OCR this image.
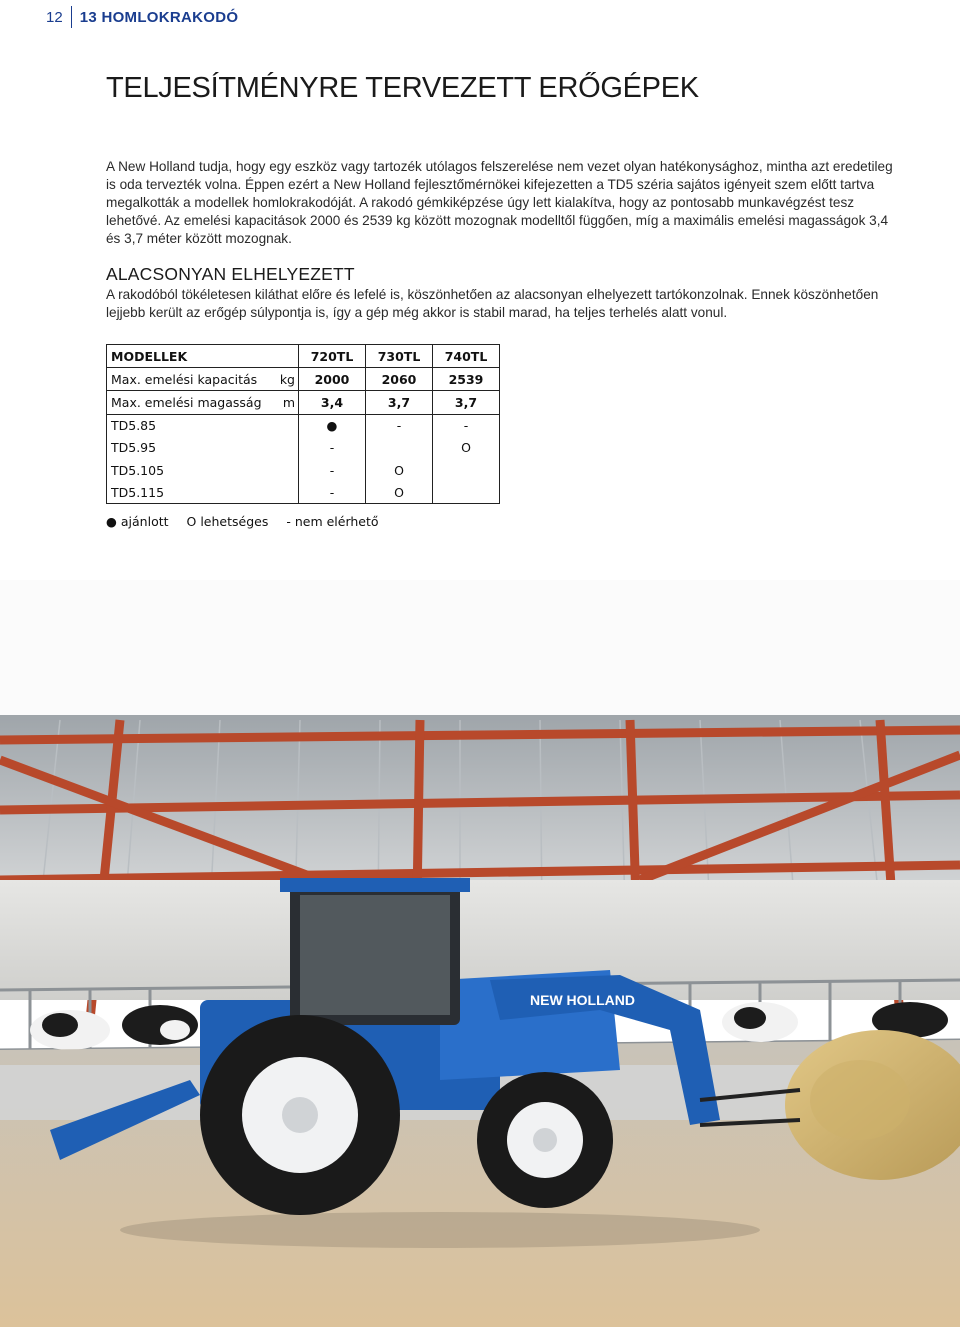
12	13 HOMLOKRAKODÓ
TELJESÍTMÉNYRE TERVEZETT ERŐGÉPEK
A New Holland tudja, hogy egy eszköz vagy tartozék utólagos felszerelése nem vezet olyan hatékonysághoz, mintha azt eredetileg is oda tervezték volna. Éppen ezért a New Holland fejlesztőmérnökei kifejezetten a TD5 széria sajátos igényeit szem előtt tartva megalkották a modellek homlokrakodóját. A rakodó gémkiképzése úgy lett kialakítva, hogy az pontosabb munkavégzést tesz lehetővé. Az emelési kapacitások 2000 és 2539 kg között mozognak modelltől függően, míg a maximális emelési magasságok 3,4 és 3,7 méter között mozognak.
ALACSONYAN ELHELYEZETT
A rakodóból tökéletesen kiláthat előre és lefelé is, köszönhetően az alacsonyan elhelyezett tartókonzolnak. Ennek köszönhetően lejjebb került az erőgép súlypontja is, így a gép még akkor is stabil marad, ha teljes terhelés alatt vonul.
MODELLEK		720TL	730TL	740TL
Max. emelési kapacitás	kg	2000	2060	2539
Max. emelési magasság	m	3,4	3,7	3,7
TD5.85		●	-	-
TD5.95		-		O
TD5.105		-	O	
TD5.115		-	O	
● ajánlott O lehetséges - nem elérhető
NEW HOLLAND
